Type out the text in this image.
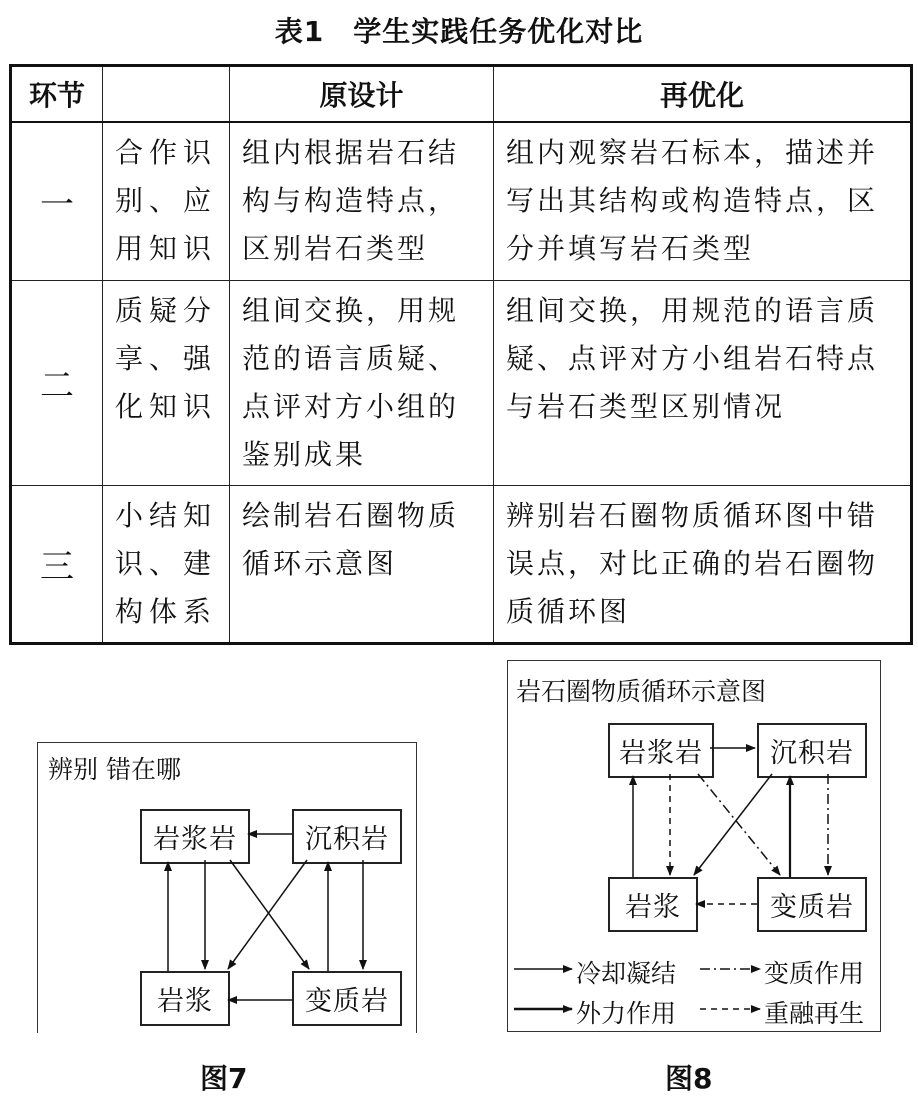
表1　学生实践任务优化对比
环节		原设计	再优化
一	合作识别、应用知识	组内根据岩石结构与构造特点，区别岩石类型	组内观察岩石标本，描述并写出其结构或构造特点，区分并填写岩石类型
二	质疑分享、强化知识	组间交换，用规范的语言质疑、点评对方小组的鉴别成果	组间交换，用规范的语言质疑、点评对方小组岩石特点与岩石类型区别情况
三	小结知识、建构体系	绘制岩石圈物质循环示意图	辨别岩石圈物质循环图中错误点，对比正确的岩石圈物质循环图
辨别 错在哪
岩浆岩	沉积岩
岩浆	变质岩
图7
岩石圈物质循环示意图
岩浆岩	沉积岩
岩浆	变质岩
冷却凝结	变质作用
外力作用	重融再生
图8
